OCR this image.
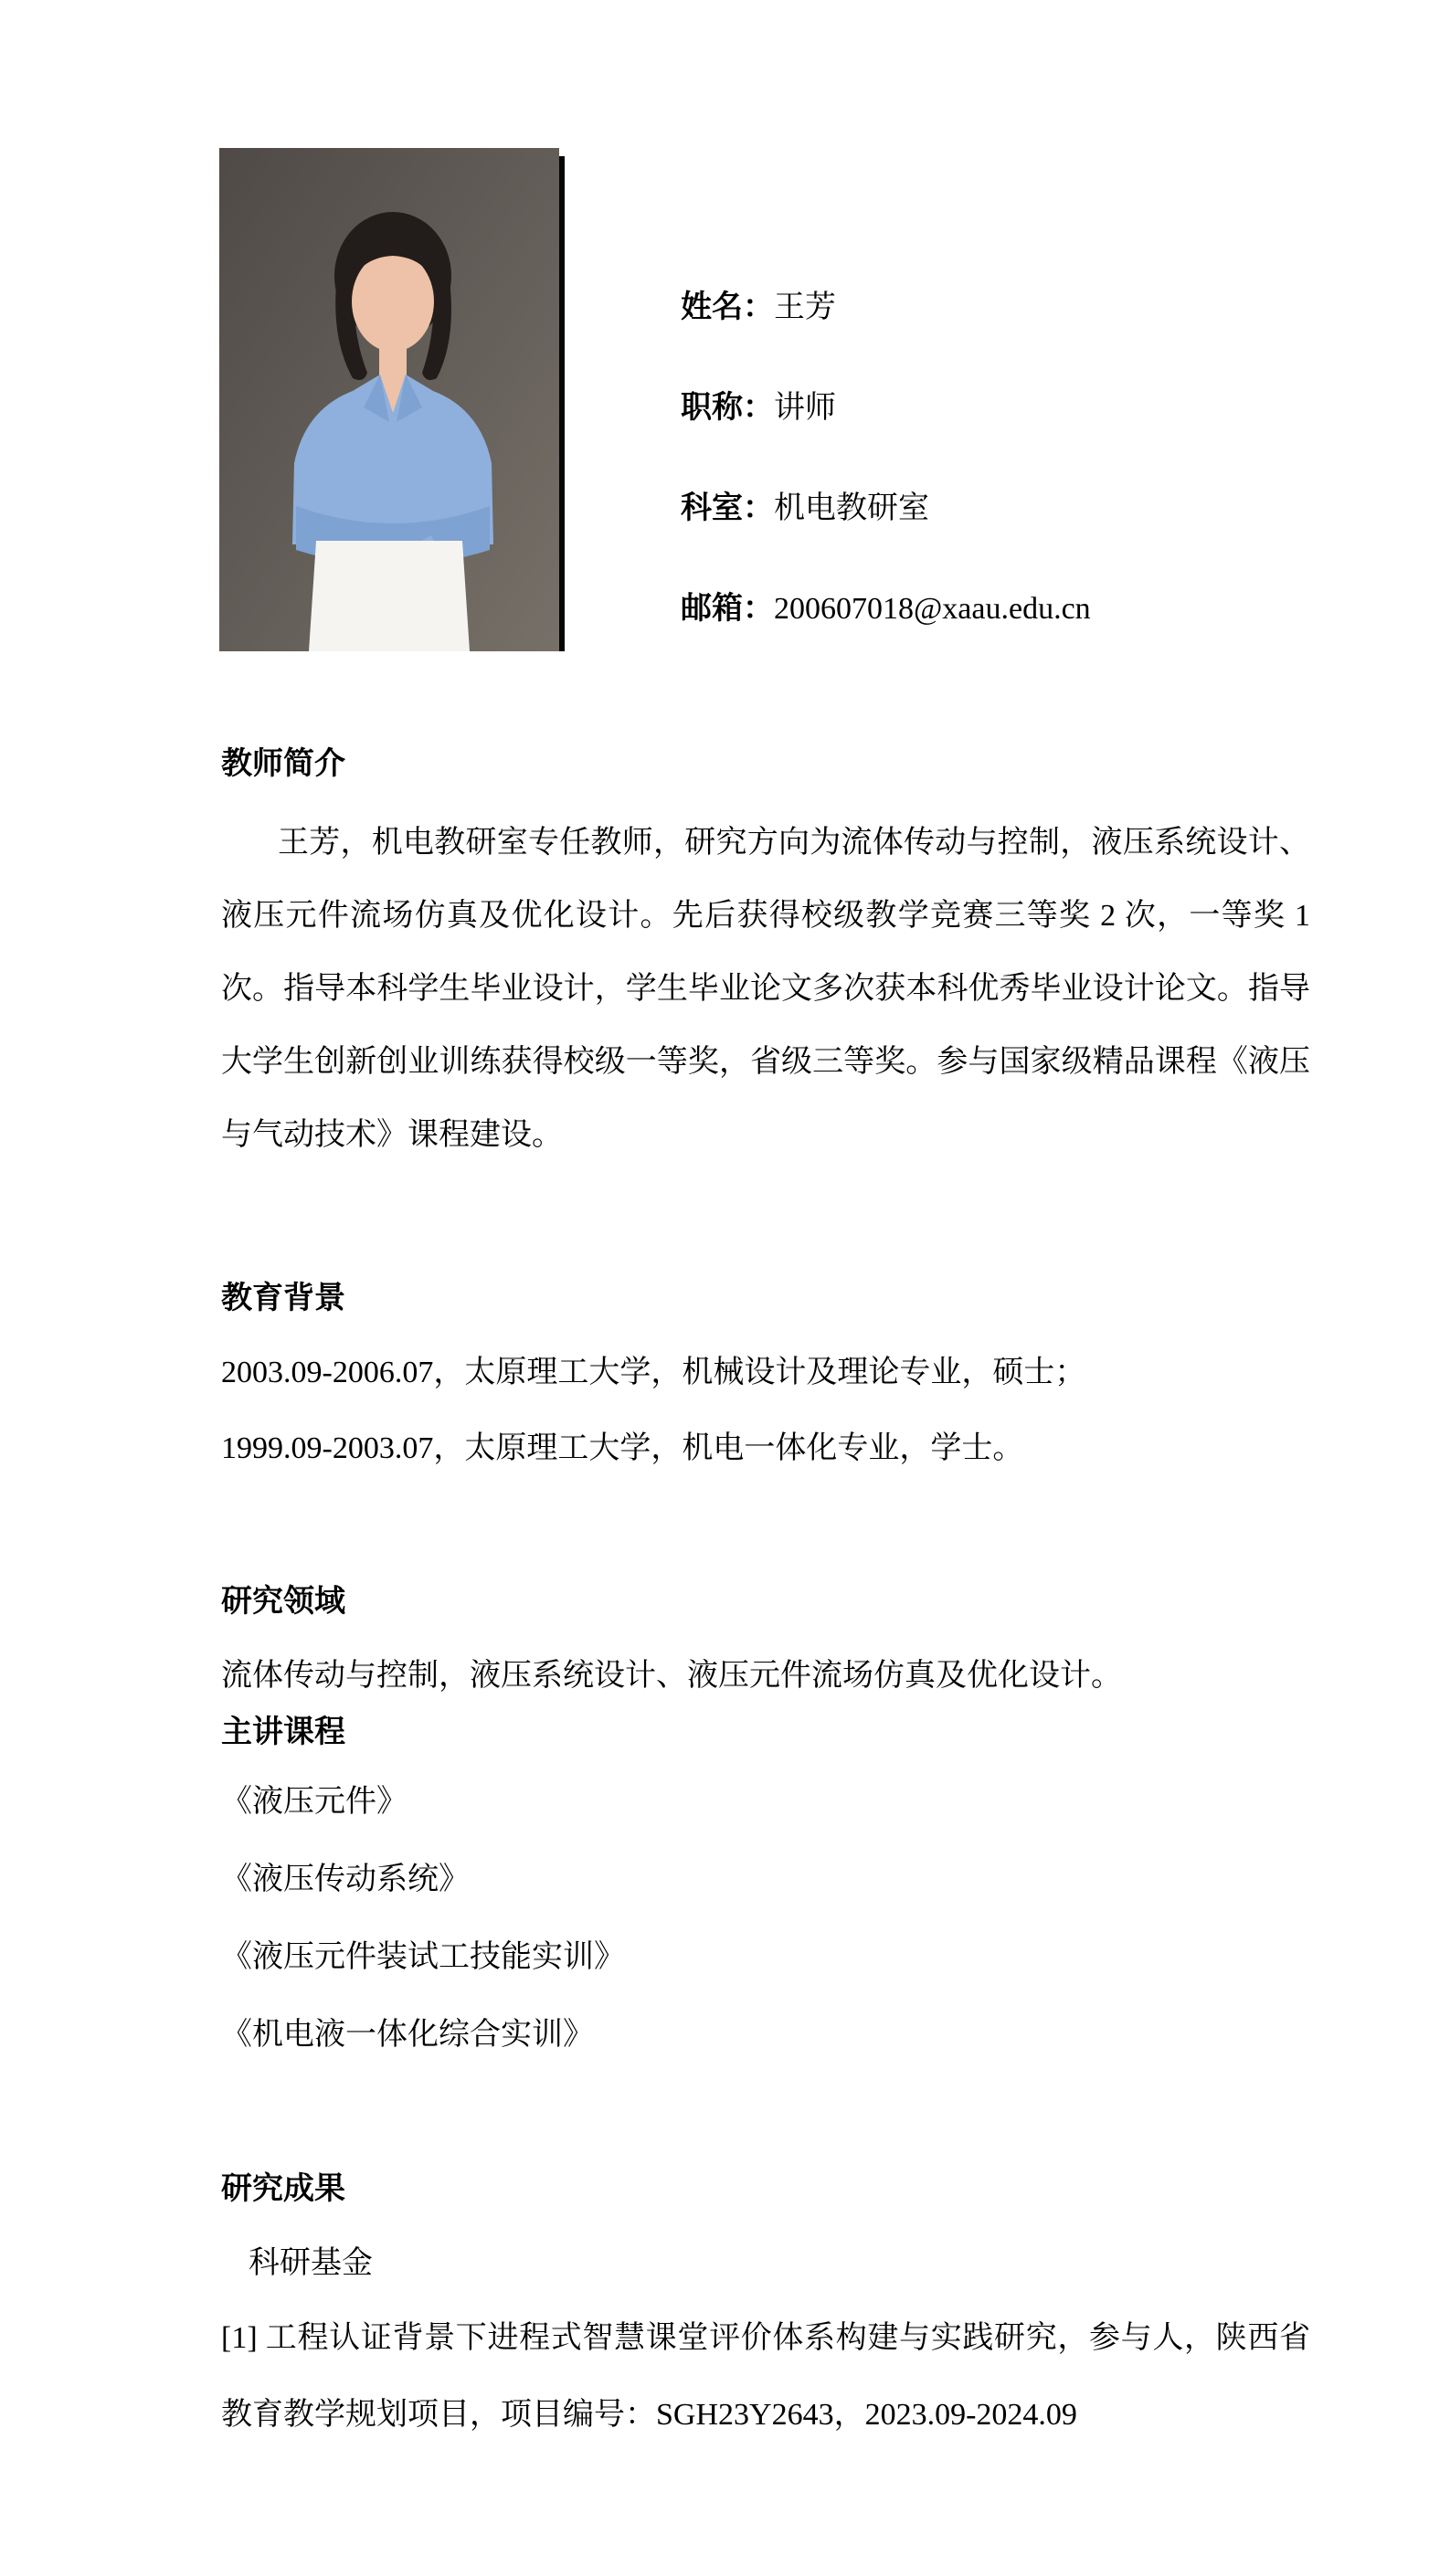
姓名：王芳
职称：讲师
科室：机电教研室
邮箱：200607018@xaau.edu.cn
教师简介
王芳，机电教研室专任教师，研究方向为流体传动与控制，液压系统设计、液压元件流场仿真及优化设计。先后获得校级教学竞赛三等奖 2 次，一等奖 1 次。指导本科学生毕业设计，学生毕业论文多次获本科优秀毕业设计论文。指导大学生创新创业训练获得校级一等奖，省级三等奖。参与国家级精品课程《液压与气动技术》课程建设。
教育背景
2003.09-2006.07，太原理工大学，机械设计及理论专业，硕士；
1999.09-2003.07，太原理工大学，机电一体化专业，学士。
研究领域
流体传动与控制，液压系统设计、液压元件流场仿真及优化设计。
主讲课程
《液压元件》
《液压传动系统》
《液压元件装试工技能实训》
《机电液一体化综合实训》
研究成果
科研基金
[1] 工程认证背景下进程式智慧课堂评价体系构建与实践研究，参与人，陕西省教育教学规划项目，项目编号：SGH23Y2643，2023.09-2024.09
